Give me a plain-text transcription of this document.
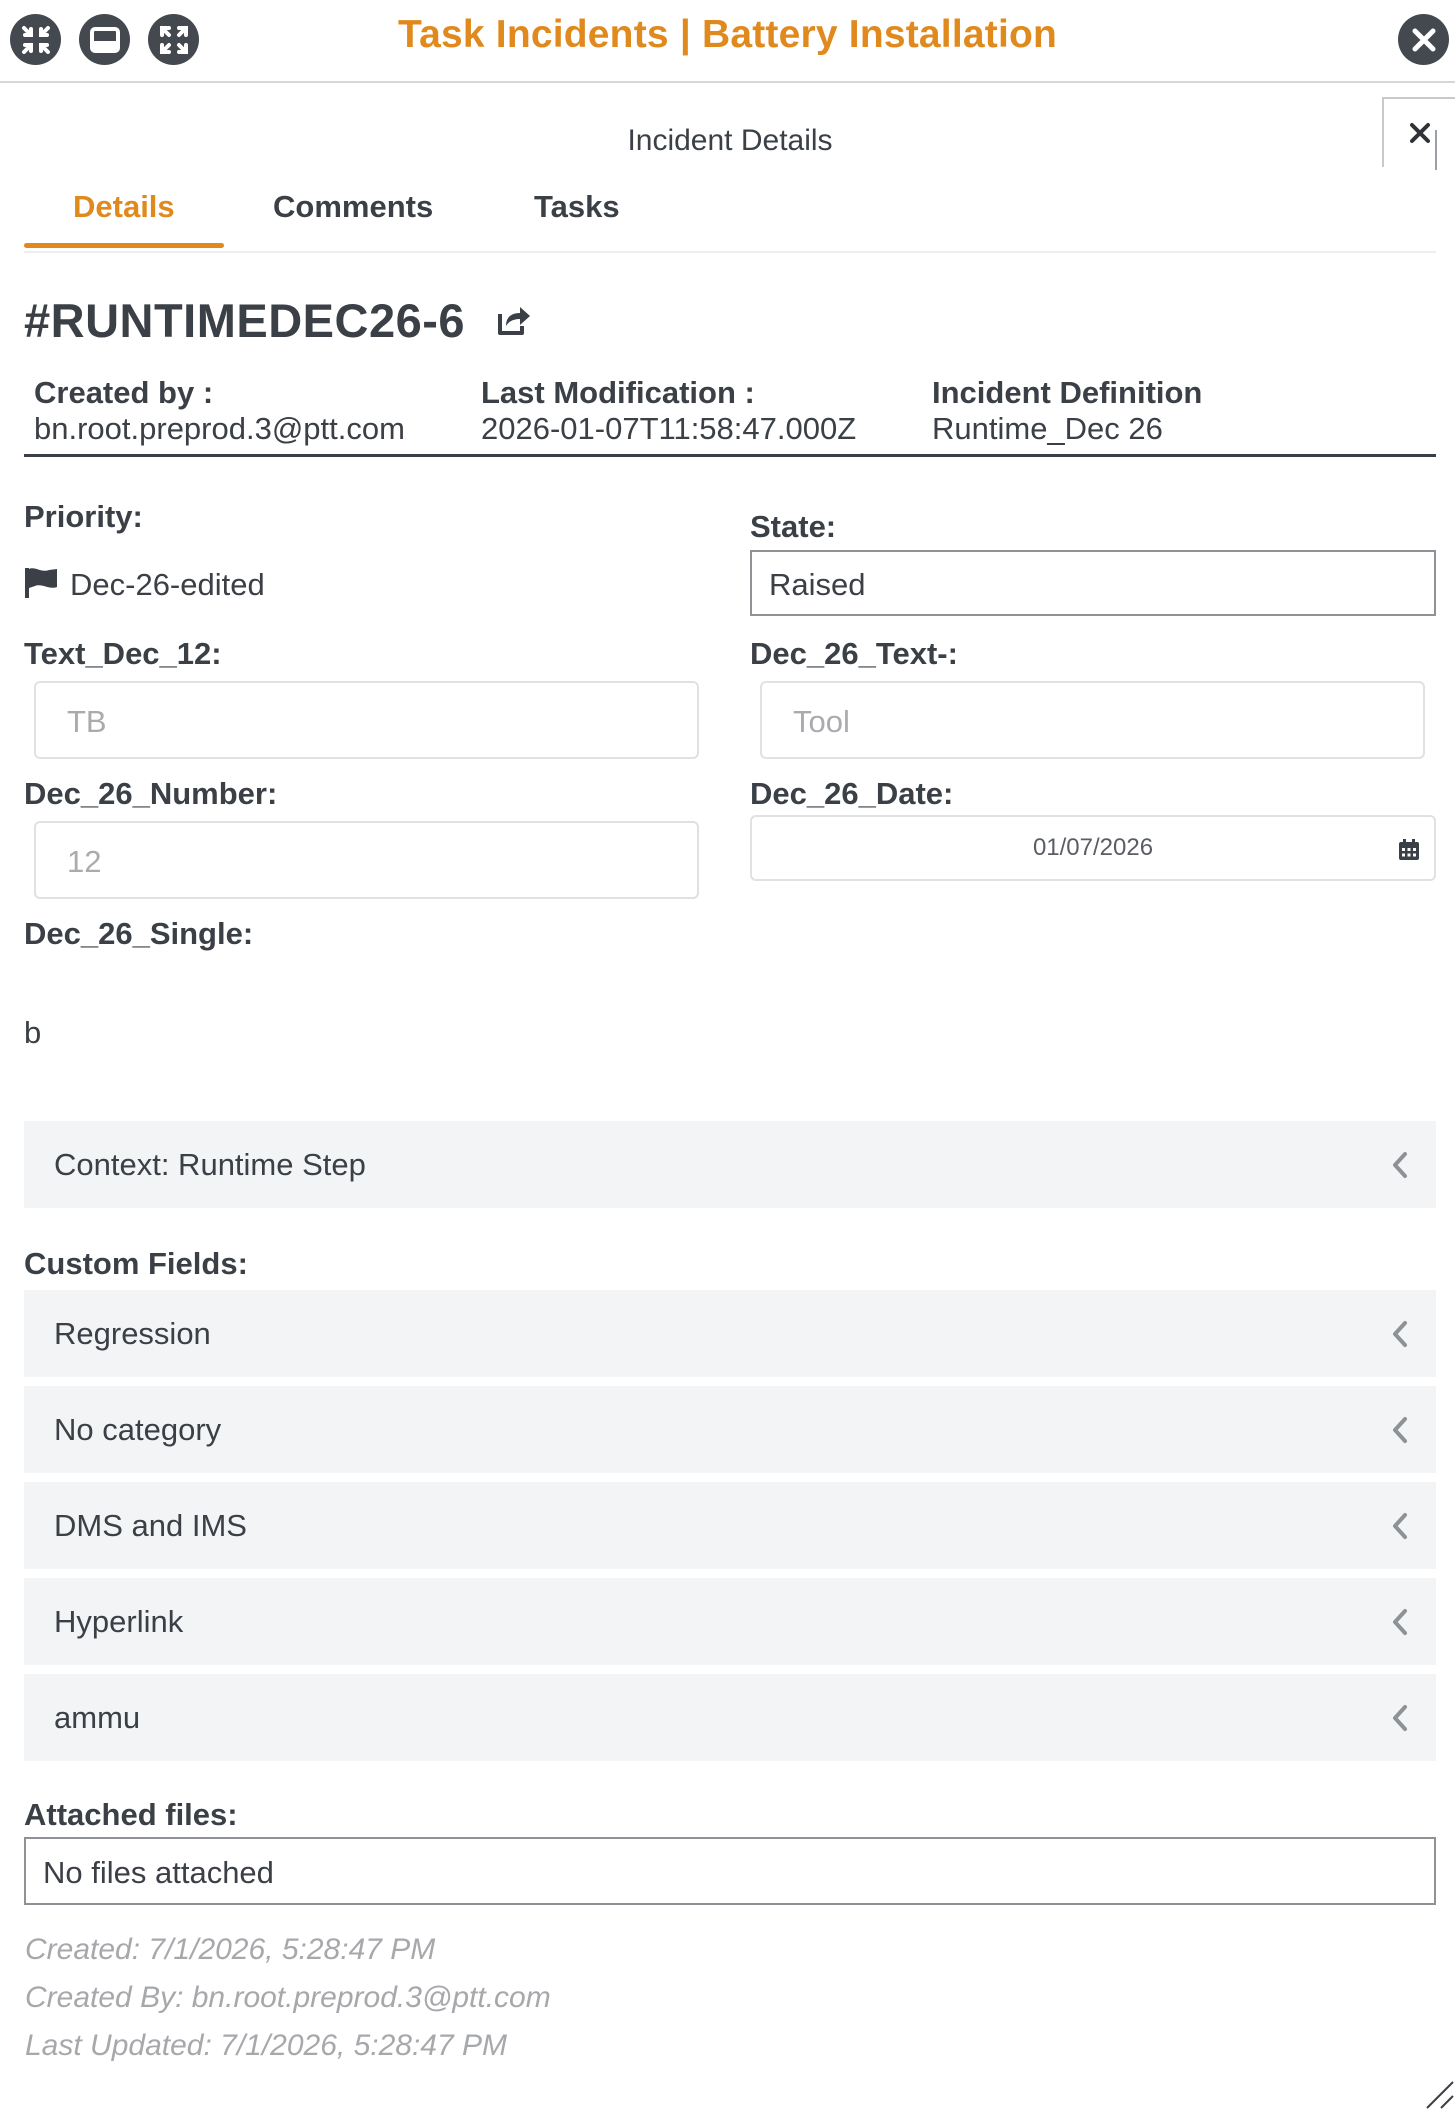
Task Incidents | Battery Installation
Incident Details
Details	Comments	Tasks
#RUNTIMEDEC26-6
Created by :
bn.root.preprod.3@ptt.com
Last Modification :
2026-01-07T11:58:47.000Z
Incident Definition
Runtime_Dec 26
Priority:
Dec-26-edited
State:
Raised
Text_Dec_12:
TB
Dec_26_Text-:
Tool
Dec_26_Number:
12
Dec_26_Date:
01/07/2026
Dec_26_Single:
b
Context: Runtime Step
Custom Fields:
Regression
No category
DMS and IMS
Hyperlink
ammu
Attached files:
No files attached
Created: 7/1/2026, 5:28:47 PM
Created By: bn.root.preprod.3@ptt.com
Last Updated: 7/1/2026, 5:28:47 PM
